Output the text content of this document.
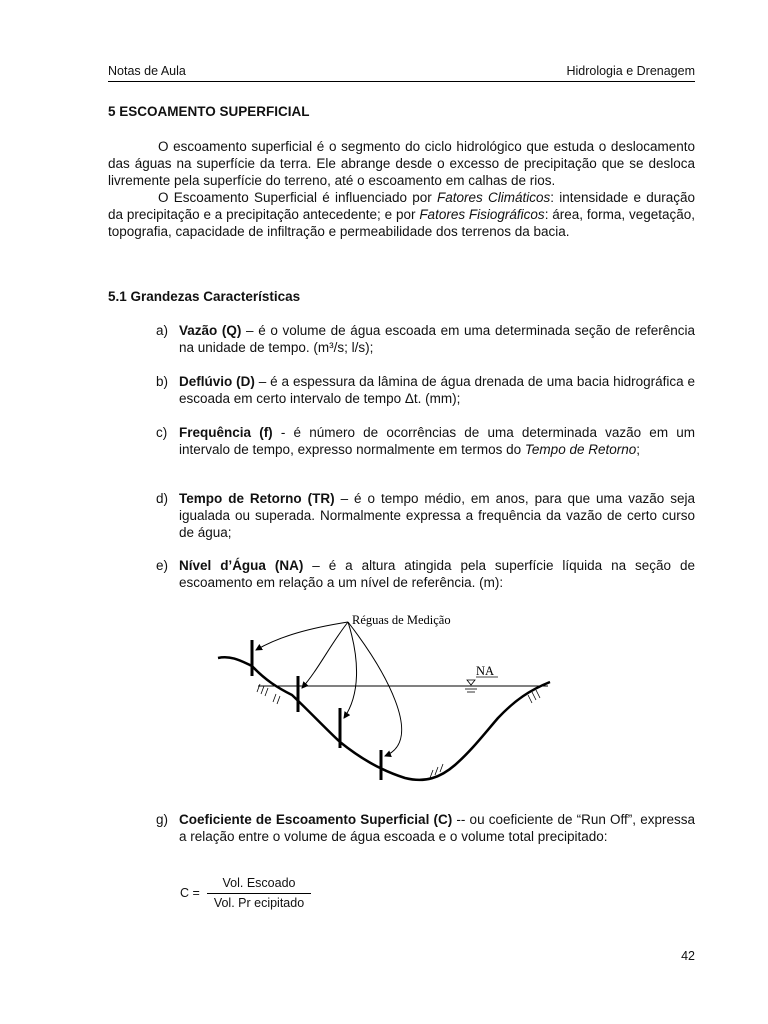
Notas de Aula	Hidrologia e Drenagem
5 ESCOAMENTO SUPERFICIAL

O escoamento superficial é o segmento do ciclo hidrológico que estuda o deslocamento das águas na superfície da terra. Ele abrange desde o excesso de precipitação que se desloca livremente pela superfície do terreno, até o escoamento em calhas de rios.

O Escoamento Superficial é influenciado por Fatores Climáticos: intensidade e duração da precipitação e a precipitação antecedente; e por Fatores Fisiográficos: área, forma, vegetação, topografia, capacidade de infiltração e permeabilidade dos terrenos da bacia.

5.1 Grandezas Características
a) Vazão (Q) – é o volume de água escoada em uma determinada seção de referência na unidade de tempo. (m³/s; l/s);
b) Deflúvio (D) – é a espessura da lâmina de água drenada de uma bacia hidrográfica e escoada em certo intervalo de tempo Δt. (mm);
c) Frequência (f) - é número de ocorrências de uma determinada vazão em um intervalo de tempo, expresso normalmente em termos do Tempo de Retorno;
d) Tempo de Retorno (TR) – é o tempo médio, em anos, para que uma vazão seja igualada ou superada. Normalmente expressa a frequência da vazão de certo curso de água;
e) Nível d’Água (NA) – é a altura atingida pela superfície líquida na seção de escoamento em relação a um nível de referência. (m):
Réguas de Medição
NA
g) Coeficiente de Escoamento Superficial (C) -- ou coeficiente de “Run Off”, expressa a relação entre o volume de água escoada e o volume total precipitado:
C =
Vol. Escoado
Vol. Pr ecipitado
42
